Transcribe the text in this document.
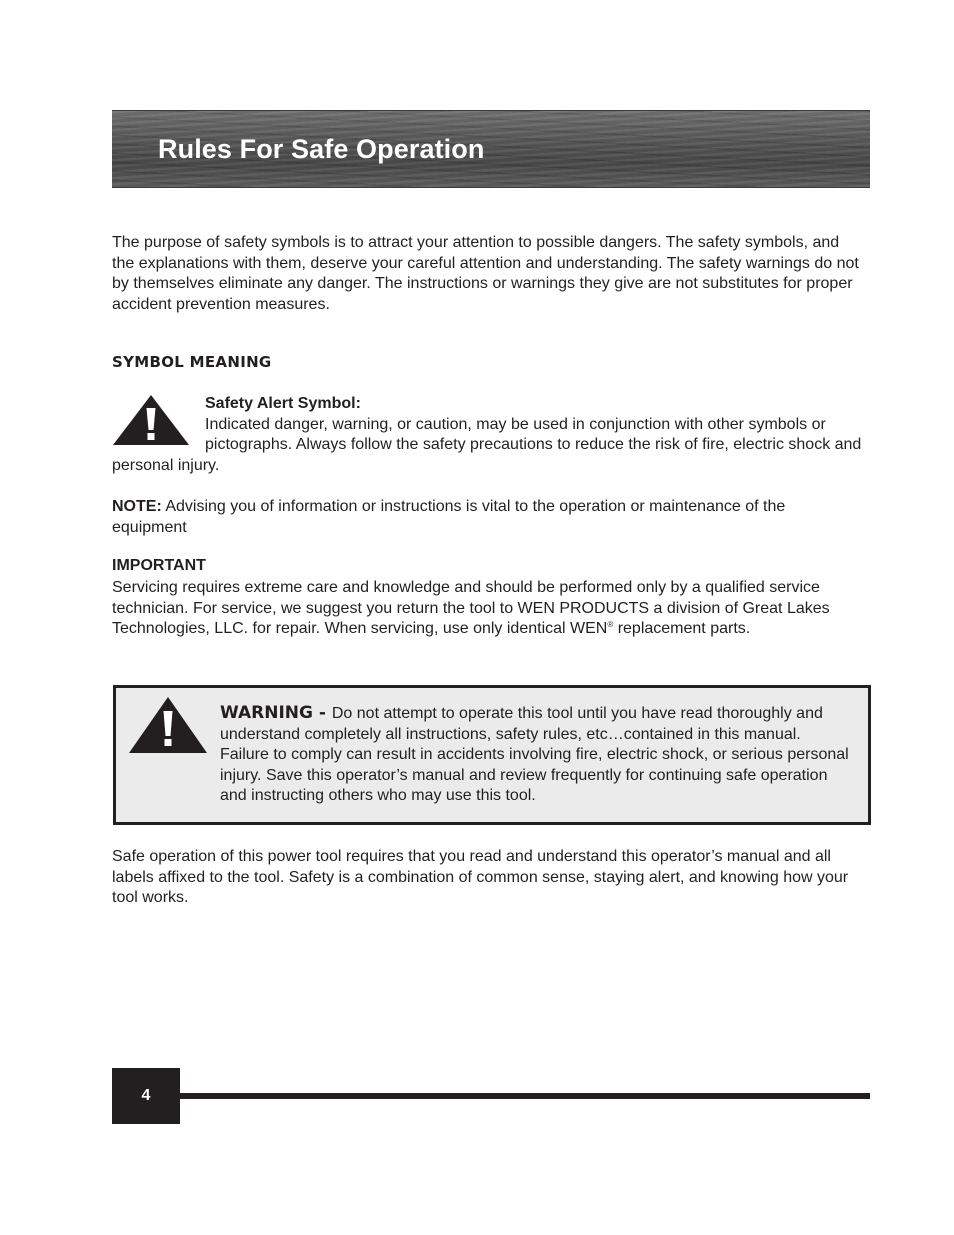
Rules For Safe Operation

The purpose of safety symbols is to attract your attention to possible dangers. The safety symbols, and the explanations with them, deserve your careful attention and understanding. The safety warnings do not by themselves eliminate any danger. The instructions or warnings they give are not substitutes for proper accident prevention measures.

SYMBOL MEANING
Safety Alert Symbol:
Indicated danger, warning, or caution, may be used in conjunction with other symbols or pictographs. Always follow the safety precautions to reduce the risk of fire, electric shock and personal injury.

NOTE: Advising you of information or instructions is vital to the operation or maintenance of the equipment

IMPORTANT

Servicing requires extreme care and knowledge and should be performed only by a qualified service technician. For service, we suggest you return the tool to WEN PRODUCTS a division of Great Lakes Technologies, LLC. for repair. When servicing, use only identical WEN® replacement parts.

WARNING - Do not attempt to operate this tool until you have read thoroughly and understand completely all instructions, safety rules, etc…contained in this manual. Failure to comply can result in accidents involving fire, electric shock, or serious personal injury. Save this operator’s manual and review frequently for continuing safe operation and instructing others who may use this tool.

Safe operation of this power tool requires that you read and understand this operator’s manual and all labels affixed to the tool. Safety is a combination of common sense, staying alert, and knowing how your tool works.

4
